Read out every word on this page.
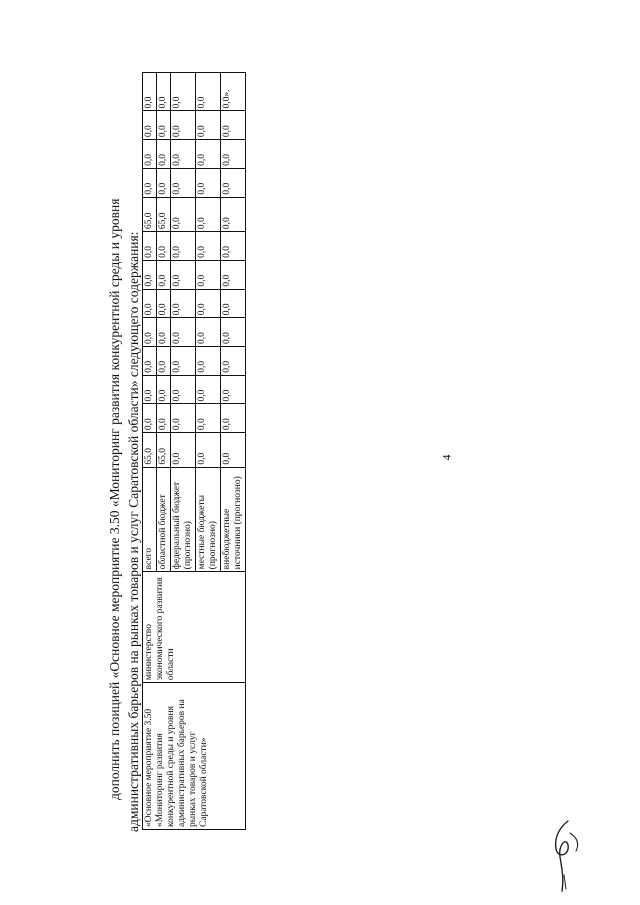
4

дополнить позицией «Основное мероприятие 3.50 «Мониторинг развития конкурентной среды и уровня административных барьеров на рынках товаров и услуг Саратовской области» следующего содержания: «Основное мероприятие 3.50 «Мониторинг развития конкурентной среды и уровня административных барьеров на рынках товаров и услуг Саратовской области»	министерство экономического развития области	всего	65,0	0,0	0,0	0,0	0,0	0,0	0,0	0,0	65,0	0,0	0,0	0,0	0,0
		областной бюджет	65,0	0,0	0,0	0,0	0,0	0,0	0,0	0,0	65,0	0,0	0,0	0,0	0,0
		федеральный бюджет (прогнозно)	0,0	0,0	0,0	0,0	0,0	0,0	0,0	0,0	0,0	0,0	0,0	0,0	0,0
		местные бюджеты (прогнозно)	0,0	0,0	0,0	0,0	0,0	0,0	0,0	0,0	0,0	0,0	0,0	0,0	0,0
		внебюджетные источники (прогнозно)	0,0	0,0	0,0	0,0	0,0	0,0	0,0	0,0	0,0	0,0	0,0	0,0	0,0».
